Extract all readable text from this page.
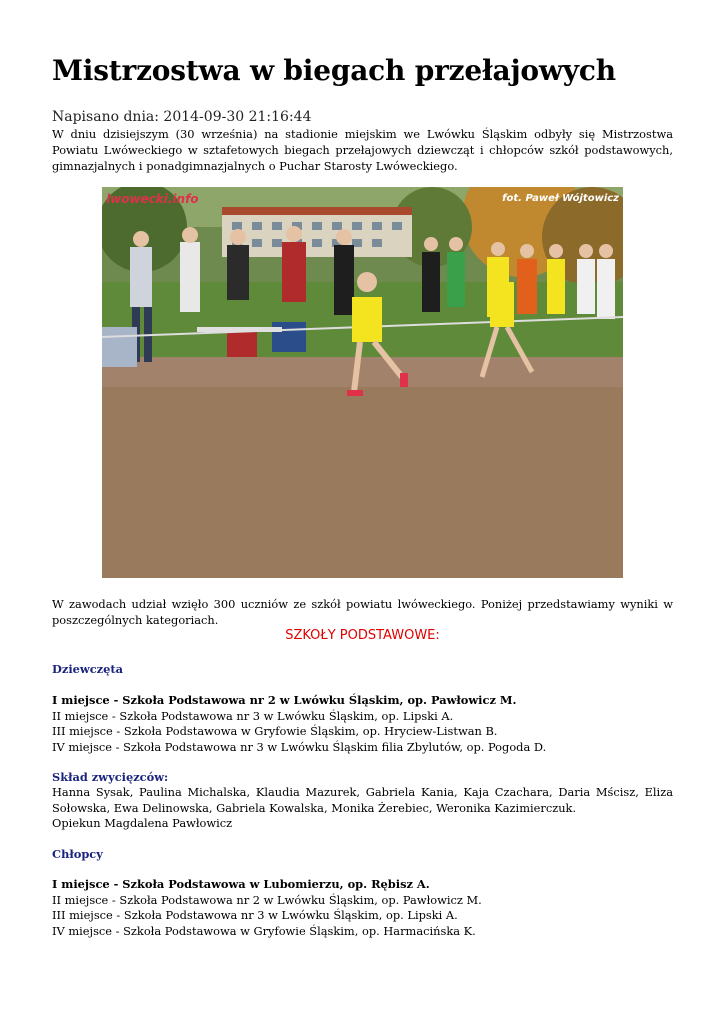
Mistrzostwa w biegach przełajowych
Napisano dnia: 2014-09-30 21:16:44
W dniu dzisiejszym (30 września) na stadionie miejskim we Lwówku Śląskim odbyły się Mistrzostwa Powiatu Lwóweckiego w sztafetowych biegach przełajowych dziewcząt i chłopców szkół podstawowych, gimnazjalnych i ponadgimnazjalnych o Puchar Starosty Lwóweckiego.
lwowecki.info	fot. Paweł Wójtowicz
W zawodach udział wzięło 300 uczniów ze szkół powiatu lwóweckiego. Poniżej przedstawiamy wyniki w poszczególnych kategoriach.
SZKOŁY PODSTAWOWE:
Dziewczęta
I miejsce - Szkoła Podstawowa nr 2 w Lwówku Śląskim, op. Pawłowicz M.
II miejsce - Szkoła Podstawowa nr 3 w Lwówku Śląskim, op. Lipski A.
III miejsce - Szkoła Podstawowa w Gryfowie Śląskim, op. Hryciew-Listwan B.
IV miejsce - Szkoła Podstawowa nr 3 w Lwówku Śląskim filia Zbylutów, op. Pogoda D.
Skład zwycięzców:
Hanna Sysak, Paulina Michalska, Klaudia Mazurek, Gabriela Kania, Kaja Czachara, Daria Mścisz, Eliza Sołowska, Ewa Delinowska, Gabriela Kowalska, Monika Żerebiec, Weronika Kazimierczuk.
Opiekun Magdalena Pawłowicz
Chłopcy
I miejsce - Szkoła Podstawowa w Lubomierzu, op. Rębisz A.
II miejsce - Szkoła Podstawowa nr 2 w Lwówku Śląskim, op. Pawłowicz M.
III miejsce - Szkoła Podstawowa nr 3 w Lwówku Śląskim, op. Lipski A.
IV miejsce - Szkoła Podstawowa w Gryfowie Śląskim, op. Harmacińska K.
